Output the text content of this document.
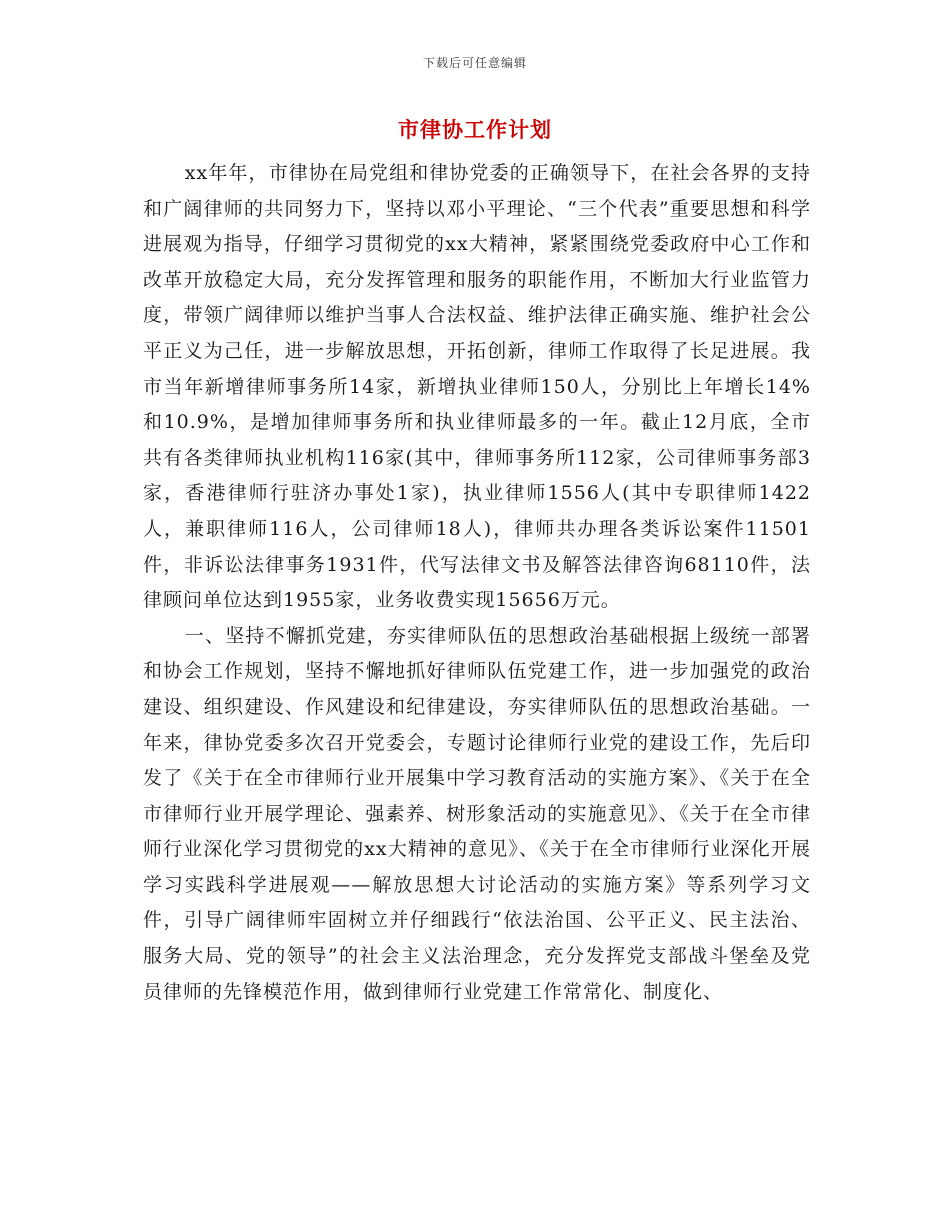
下载后可任意编辑
市律协工作计划

xx年年，市律协在局党组和律协党委的正确领导下，在社会各界的支持和广阔律师的共同努力下，坚持以邓小平理论、“三个代表”重要思想和科学进展观为指导，仔细学习贯彻党的xx大精神，紧紧围绕党委政府中心工作和改革开放稳定大局，充分发挥管理和服务的职能作用，不断加大行业监管力度，带领广阔律师以维护当事人合法权益、维护法律正确实施、维护社会公平正义为己任，进一步解放思想，开拓创新，律师工作取得了长足进展。我市当年新增律师事务所14家，新增执业律师150人，分别比上年增长14%和10.9%，是增加律师事务所和执业律师最多的一年。截止12月底，全市共有各类律师执业机构116家(其中，律师事务所112家，公司律师事务部3家，香港律师行驻济办事处1家)，执业律师1556人(其中专职律师1422人，兼职律师116人，公司律师18人)，律师共办理各类诉讼案件11501件，非诉讼法律事务1931件，代写法律文书及解答法律咨询68110件，法律顾问单位达到1955家，业务收费实现15656万元。

一、坚持不懈抓党建，夯实律师队伍的思想政治基础根据上级统一部署和协会工作规划，坚持不懈地抓好律师队伍党建工作，进一步加强党的政治建设、组织建设、作风建设和纪律建设，夯实律师队伍的思想政治基础。一年来，律协党委多次召开党委会，专题讨论律师行业党的建设工作，先后印发了《关于在全市律师行业开展集中学习教育活动的实施方案》、《关于在全市律师行业开展学理论、强素养、树形象活动的实施意见》、《关于在全市律师行业深化学习贯彻党的xx大精神的意见》、《关于在全市律师行业深化开展学习实践科学进展观——解放思想大讨论活动的实施方案》等系列学习文件，引导广阔律师牢固树立并仔细践行“依法治国、公平正义、民主法治、服务大局、党的领导”的社会主义法治理念，充分发挥党支部战斗堡垒及党员律师的先锋模范作用，做到律师行业党建工作常常化、制度化、
